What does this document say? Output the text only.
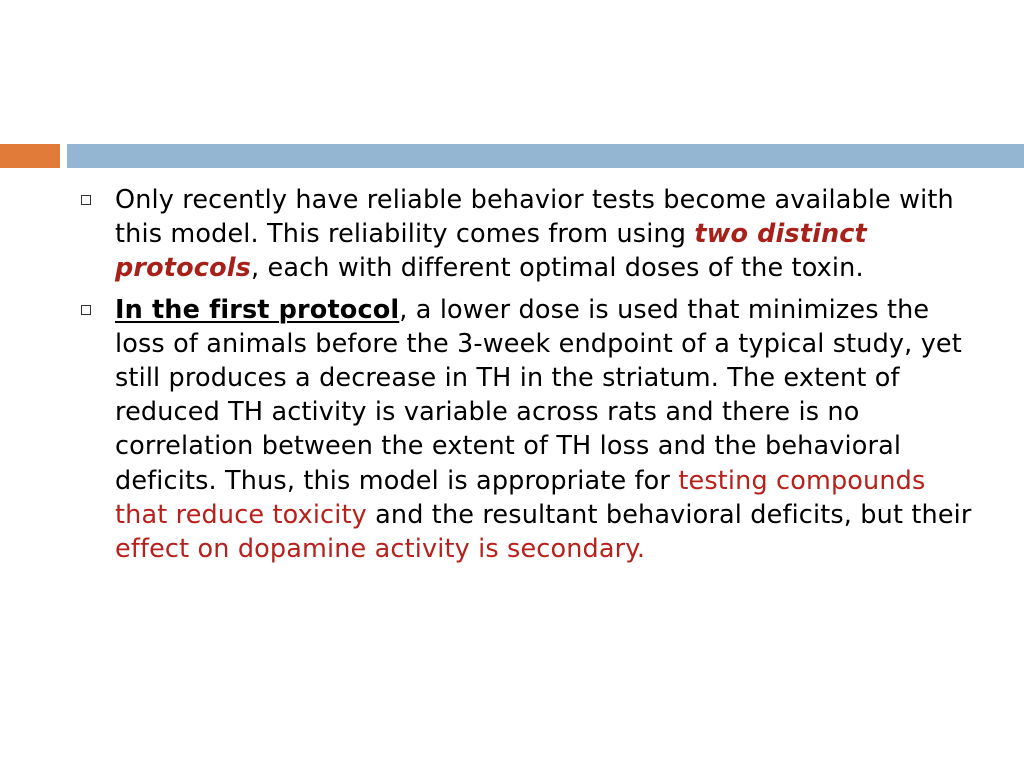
Only recently have reliable behavior tests become available with this model. This reliability comes from using two distinct protocols, each with different optimal doses of the toxin.
In the first protocol, a lower dose is used that minimizes the loss of animals before the 3-week endpoint of a typical study, yet still produces a decrease in TH in the striatum. The extent of reduced TH activity is variable across rats and there is no correlation between the extent of TH loss and the behavioral deficits. Thus, this model is appropriate for testing compounds that reduce toxicity and the resultant behavioral deficits, but their effect on dopamine activity is secondary.
